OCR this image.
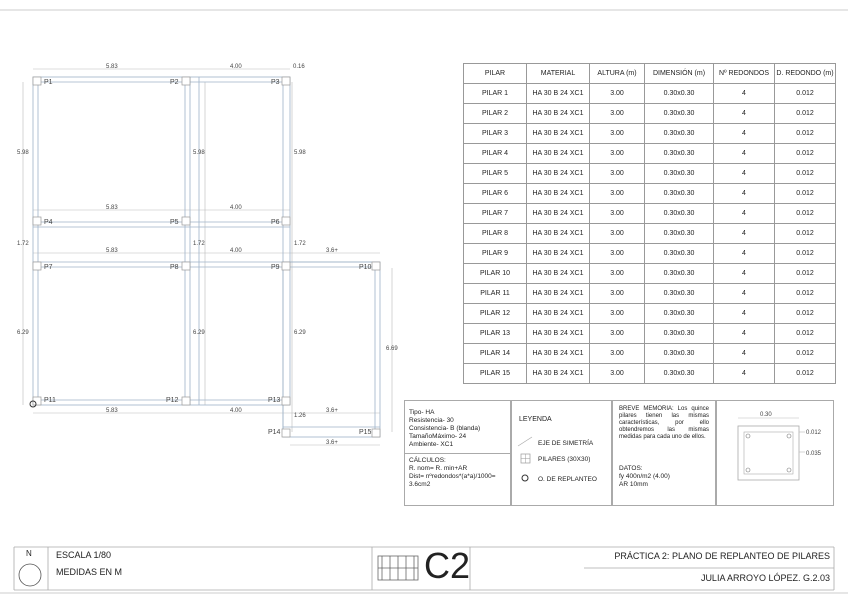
P1	P2	P3
P4	P5	P6
P7	P8	P9	P10
P11	P12	P13
P14	P15
5.83	4.00	0.16
5.83	4.00
5.83	4.00	3.6+
5.83	4.00	3.6+
3.6+
5.98	5.98	5.98
1.72	1.72	1.72
6.29	6.29	6.29
6.69
1.26	0.30
0.012
0.035
PILAR	MATERIAL	ALTURA (m)	DIMENSIÓN (m)	Nº REDONDOS	D. REDONDO (m)
PILAR 1	HA 30 B 24 XC1	3.00	0.30x0.30	4	0.012
PILAR 2	HA 30 B 24 XC1	3.00	0.30x0.30	4	0.012
PILAR 3	HA 30 B 24 XC1	3.00	0.30x0.30	4	0.012
PILAR 4	HA 30 B 24 XC1	3.00	0.30x0.30	4	0.012
PILAR 5	HA 30 B 24 XC1	3.00	0.30x0.30	4	0.012
PILAR 6	HA 30 B 24 XC1	3.00	0.30x0.30	4	0.012
PILAR 7	HA 30 B 24 XC1	3.00	0.30x0.30	4	0.012
PILAR 8	HA 30 B 24 XC1	3.00	0.30x0.30	4	0.012
PILAR 9	HA 30 B 24 XC1	3.00	0.30x0.30	4	0.012
PILAR 10	HA 30 B 24 XC1	3.00	0.30x0.30	4	0.012
PILAR 11	HA 30 B 24 XC1	3.00	0.30x0.30	4	0.012
PILAR 12	HA 30 B 24 XC1	3.00	0.30x0.30	4	0.012
PILAR 13	HA 30 B 24 XC1	3.00	0.30x0.30	4	0.012
PILAR 14	HA 30 B 24 XC1	3.00	0.30x0.30	4	0.012
PILAR 15	HA 30 B 24 XC1	3.00	0.30x0.30	4	0.012
Tipo- HA
Resistencia- 30
Consistencia- B (blanda)
TamañoMáximo- 24
Ambiente- XC1
CÁLCULOS:
R. nom= R. min+AR
Dist= nºredondos*(a*a)/1000=
3.6cm2
LEYENDA
EJE DE SIMETRÍA
PILARES (30X30)
O. DE REPLANTEO
BREVE MEMORIA: Los quince pilares tienen las mismas características, por ello obtendremos las mismas medidas para cada uno de ellos.
DATOS:
fy 400n/m2 (4.00)
AR 10mm
N	ESCALA 1/80
MEDIDAS EN M	C2	PRÁCTICA 2: PLANO DE REPLANTEO DE PILARES
JULIA ARROYO LÓPEZ. G.2.03
